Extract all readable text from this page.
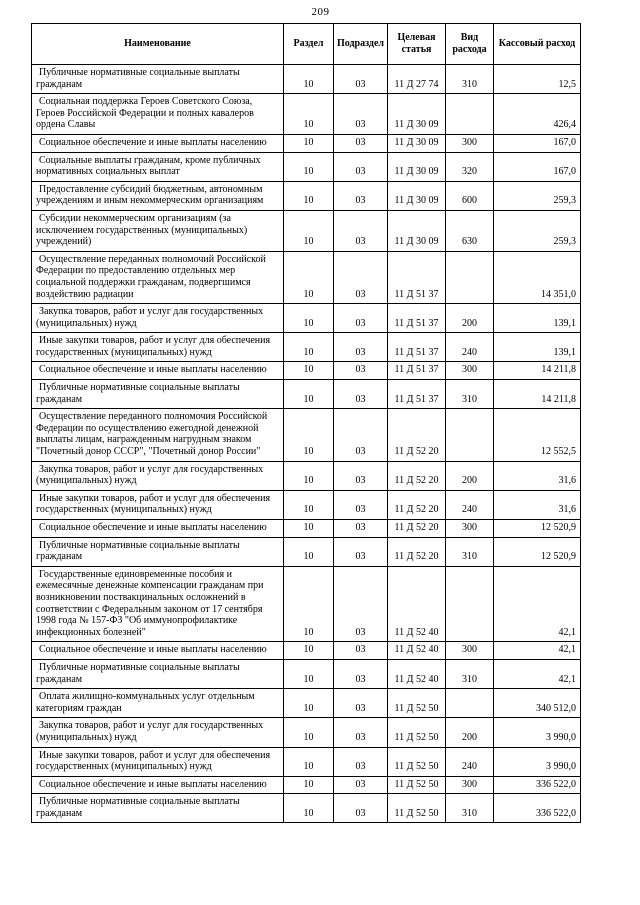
209
Наименование	Раздел	Подраздел	Целевая статья	Вид расхода	Кассовый расход
Публичные нормативные социальные выплаты гражданам	10	03	11 Д 27 74	310	12,5
Социальная поддержка Героев Советского Союза, Героев Российской Федерации и полных кавалеров ордена Славы	10	03	11 Д 30 09		426,4
Социальное обеспечение и иные выплаты населению	10	03	11 Д 30 09	300	167,0
Социальные выплаты гражданам, кроме публичных нормативных социальных выплат	10	03	11 Д 30 09	320	167,0
Предоставление субсидий бюджетным, автономным учреждениям и иным некоммерческим организациям	10	03	11 Д 30 09	600	259,3
Субсидии некоммерческим организациям (за исключением государственных (муниципальных) учреждений)	10	03	11 Д 30 09	630	259,3
Осуществление переданных полномочий Российской Федерации по предоставлению отдельных мер социальной поддержки гражданам, подвергшимся воздействию радиации	10	03	11 Д 51 37		14 351,0
Закупка товаров, работ и услуг для государственных (муниципальных) нужд	10	03	11 Д 51 37	200	139,1
Иные закупки товаров, работ и услуг для обеспечения государственных (муниципальных) нужд	10	03	11 Д 51 37	240	139,1
Социальное обеспечение и иные выплаты населению	10	03	11 Д 51 37	300	14 211,8
Публичные нормативные социальные выплаты гражданам	10	03	11 Д 51 37	310	14 211,8
Осуществление переданного полномочия Российской Федерации по осуществлению ежегодной денежной выплаты лицам, награжденным нагрудным знаком "Почетный донор СССР", "Почетный донор России"	10	03	11 Д 52 20		12 552,5
Закупка товаров, работ и услуг для государственных (муниципальных) нужд	10	03	11 Д 52 20	200	31,6
Иные закупки товаров, работ и услуг для обеспечения государственных (муниципальных) нужд	10	03	11 Д 52 20	240	31,6
Социальное обеспечение и иные выплаты населению	10	03	11 Д 52 20	300	12 520,9
Публичные нормативные социальные выплаты гражданам	10	03	11 Д 52 20	310	12 520,9
Государственные единовременные пособия и ежемесячные денежные компенсации гражданам при возникновении поствакцинальных осложнений в соответствии с Федеральным законом от 17 сентября 1998 года № 157-ФЗ "Об иммунопрофилактике инфекционных болезней"	10	03	11 Д 52 40		42,1
Социальное обеспечение и иные выплаты населению	10	03	11 Д 52 40	300	42,1
Публичные нормативные социальные выплаты гражданам	10	03	11 Д 52 40	310	42,1
Оплата жилищно-коммунальных услуг отдельным категориям граждан	10	03	11 Д 52 50		340 512,0
Закупка товаров, работ и услуг для государственных (муниципальных) нужд	10	03	11 Д 52 50	200	3 990,0
Иные закупки товаров, работ и услуг для обеспечения государственных (муниципальных) нужд	10	03	11 Д 52 50	240	3 990,0
Социальное обеспечение и иные выплаты населению	10	03	11 Д 52 50	300	336 522,0
Публичные нормативные социальные выплаты гражданам	10	03	11 Д 52 50	310	336 522,0
